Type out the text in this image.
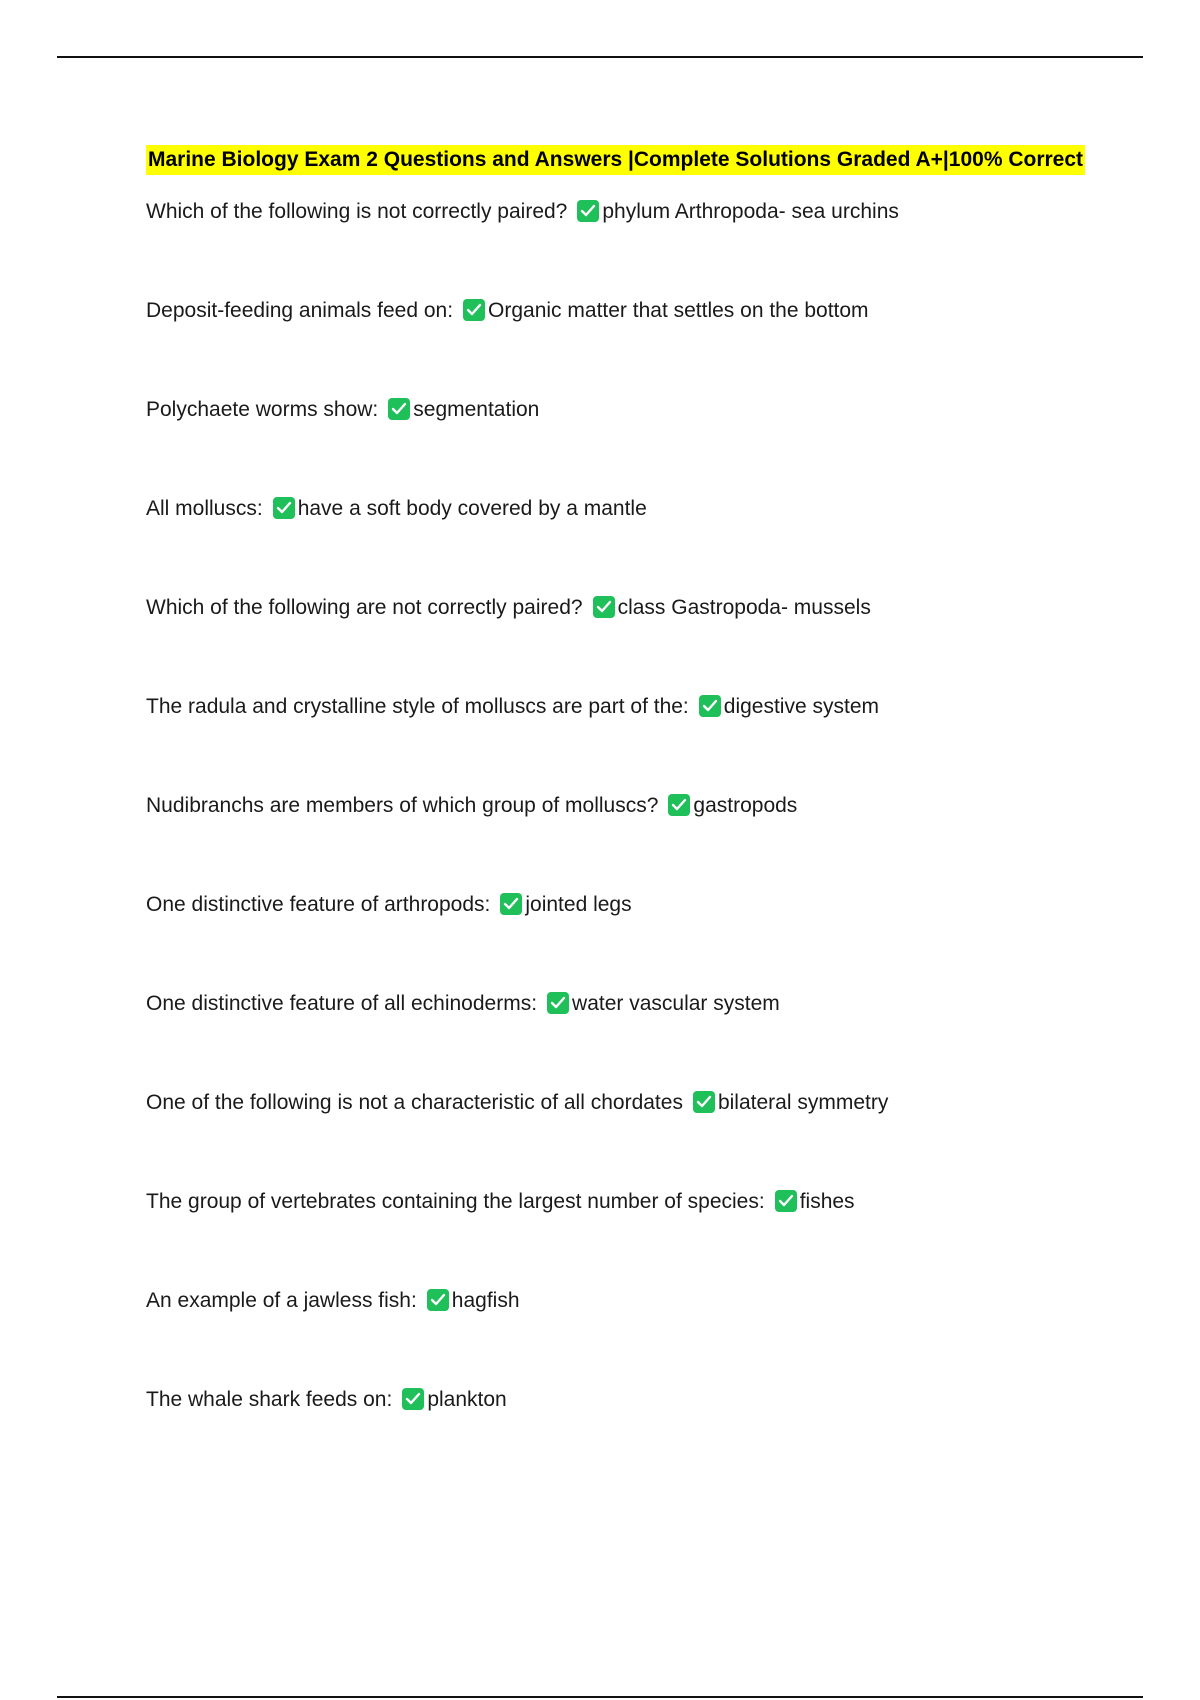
Marine Biology Exam 2 Questions and Answers |Complete Solutions Graded A+|100% Correct
Which of the following is not correctly paired? phylum Arthropoda- sea urchins
Deposit-feeding animals feed on: Organic matter that settles on the bottom
Polychaete worms show: segmentation
All molluscs: have a soft body covered by a mantle
Which of the following are not correctly paired? class Gastropoda- mussels
The radula and crystalline style of molluscs are part of the: digestive system
Nudibranchs are members of which group of molluscs? gastropods
One distinctive feature of arthropods: jointed legs
One distinctive feature of all echinoderms: water vascular system
One of the following is not a characteristic of all chordates bilateral symmetry
The group of vertebrates containing the largest number of species: fishes
An example of a jawless fish: hagfish
The whale shark feeds on: plankton
